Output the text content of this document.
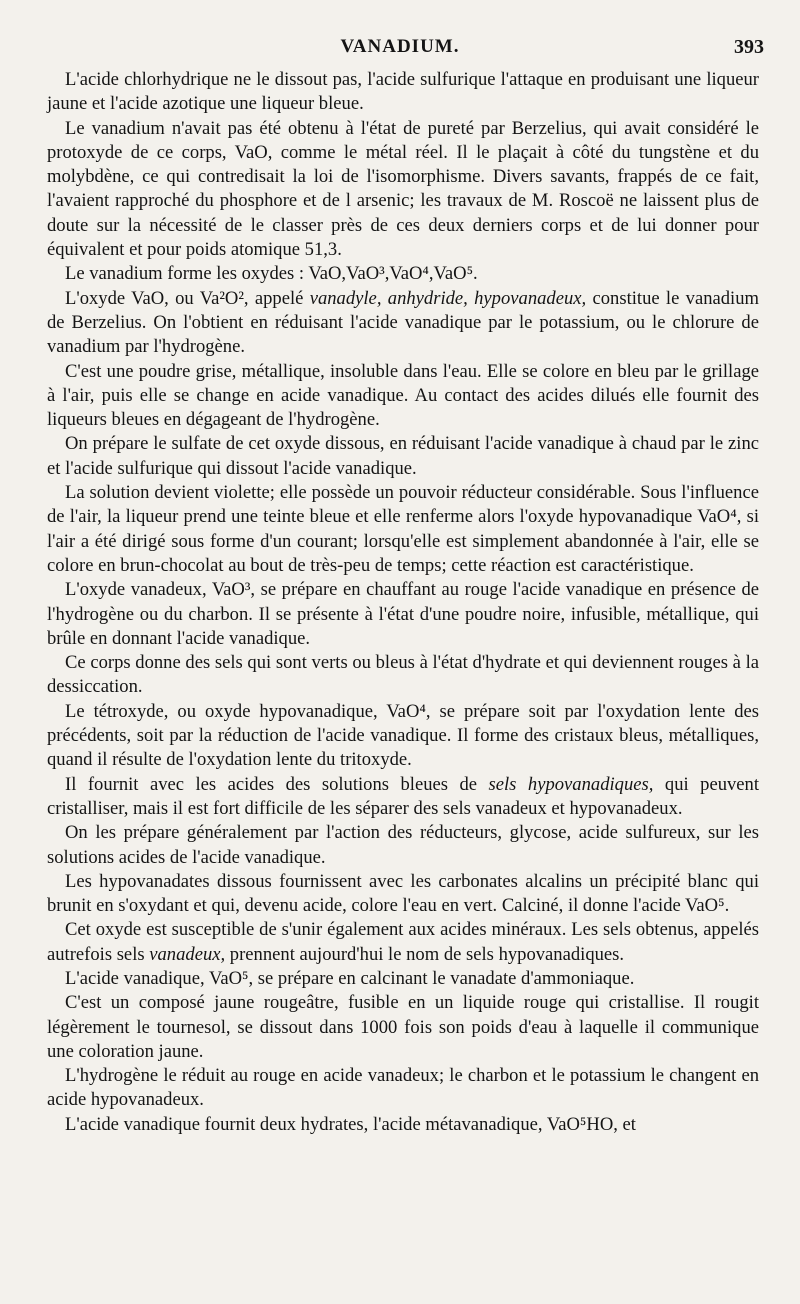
VANADIUM.	393

L'acide chlorhydrique ne le dissout pas, l'acide sulfurique l'attaque en produisant une liqueur jaune et l'acide azotique une liqueur bleue.

Le vanadium n'avait pas été obtenu à l'état de pureté par Berzelius, qui avait considéré le protoxyde de ce corps, VaO, comme le métal réel. Il le plaçait à côté du tungstène et du molybdène, ce qui contredisait la loi de l'isomorphisme. Divers savants, frappés de ce fait, l'avaient rapproché du phosphore et de l arsenic; les travaux de M. Roscoë ne laissent plus de doute sur la nécessité de le classer près de ces deux derniers corps et de lui donner pour équivalent et pour poids atomique 51,3.

Le vanadium forme les oxydes : VaO,VaO³,VaO⁴,VaO⁵.

L'oxyde VaO, ou Va²O², appelé vanadyle, anhydride, hypovanadeux, constitue le vanadium de Berzelius. On l'obtient en réduisant l'acide vanadique par le potassium, ou le chlorure de vanadium par l'hydrogène.

C'est une poudre grise, métallique, insoluble dans l'eau. Elle se colore en bleu par le grillage à l'air, puis elle se change en acide vanadique. Au contact des acides dilués elle fournit des liqueurs bleues en dégageant de l'hydrogène.

On prépare le sulfate de cet oxyde dissous, en réduisant l'acide vanadique à chaud par le zinc et l'acide sulfurique qui dissout l'acide vanadique.

La solution devient violette; elle possède un pouvoir réducteur considérable. Sous l'influence de l'air, la liqueur prend une teinte bleue et elle renferme alors l'oxyde hypovanadique VaO⁴, si l'air a été dirigé sous forme d'un courant; lorsqu'elle est simplement abandonnée à l'air, elle se colore en brun-chocolat au bout de très-peu de temps; cette réaction est caractéristique.

L'oxyde vanadeux, VaO³, se prépare en chauffant au rouge l'acide vanadique en présence de l'hydrogène ou du charbon. Il se présente à l'état d'une poudre noire, infusible, métallique, qui brûle en donnant l'acide vanadique.

Ce corps donne des sels qui sont verts ou bleus à l'état d'hydrate et qui deviennent rouges à la dessiccation.

Le tétroxyde, ou oxyde hypovanadique, VaO⁴, se prépare soit par l'oxydation lente des précédents, soit par la réduction de l'acide vanadique. Il forme des cristaux bleus, métalliques, quand il résulte de l'oxydation lente du tritoxyde.

Il fournit avec les acides des solutions bleues de sels hypovanadiques, qui peuvent cristalliser, mais il est fort difficile de les séparer des sels vanadeux et hypovanadeux.

On les prépare généralement par l'action des réducteurs, glycose, acide sulfureux, sur les solutions acides de l'acide vanadique.

Les hypovanadates dissous fournissent avec les carbonates alcalins un précipité blanc qui brunit en s'oxydant et qui, devenu acide, colore l'eau en vert. Calciné, il donne l'acide VaO⁵.

Cet oxyde est susceptible de s'unir également aux acides minéraux. Les sels obtenus, appelés autrefois sels vanadeux, prennent aujourd'hui le nom de sels hypovanadiques.

L'acide vanadique, VaO⁵, se prépare en calcinant le vanadate d'ammoniaque.

C'est un composé jaune rougeâtre, fusible en un liquide rouge qui cristallise. Il rougit légèrement le tournesol, se dissout dans 1000 fois son poids d'eau à laquelle il communique une coloration jaune.

L'hydrogène le réduit au rouge en acide vanadeux; le charbon et le potassium le changent en acide hypovanadeux.

L'acide vanadique fournit deux hydrates, l'acide métavanadique, VaO⁵HO, et
